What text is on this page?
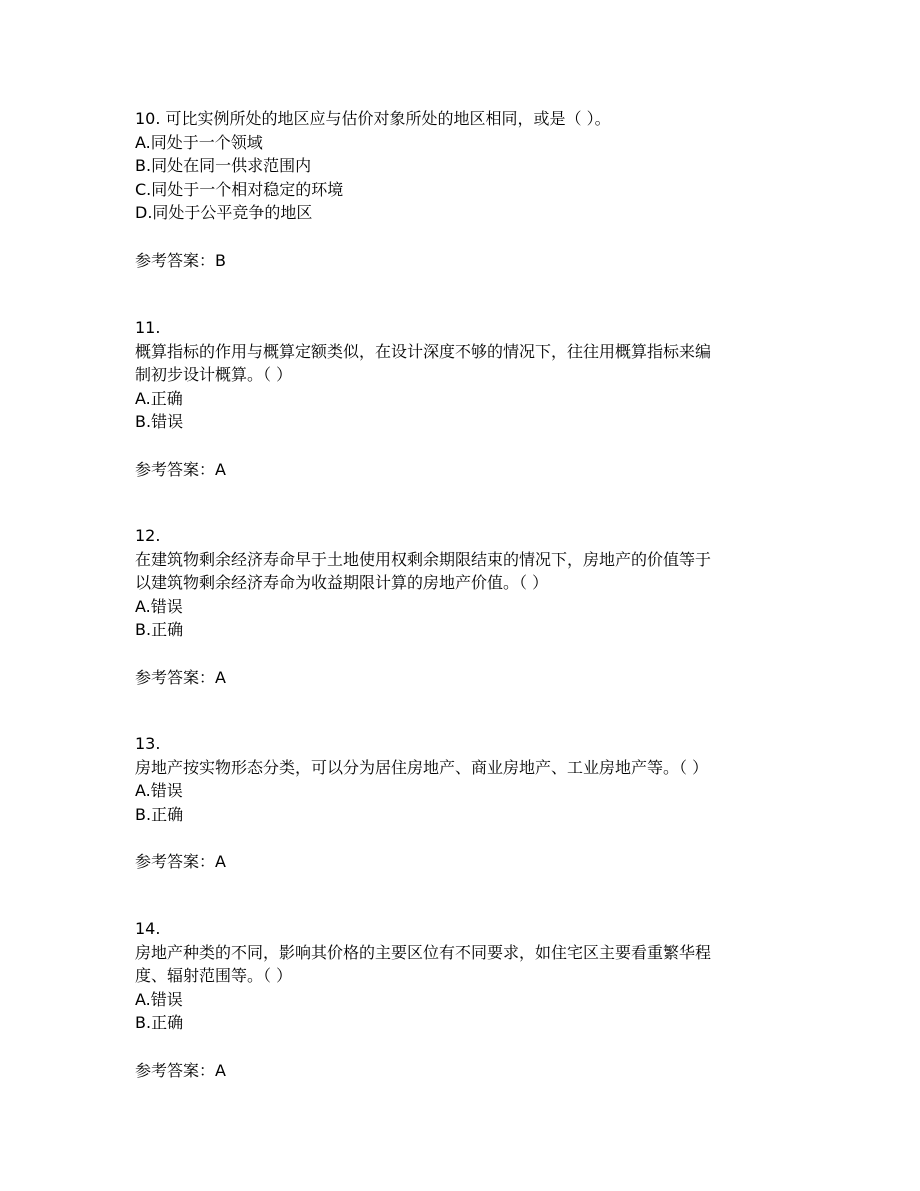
10. 可比实例所处的地区应与估价对象所处的地区相同，或是（ ）。
A.同处于一个领域
B.同处在同一供求范围内
C.同处于一个相对稳定的环境
D.同处于公平竞争的地区
参考答案：B
11.
概算指标的作用与概算定额类似，在设计深度不够的情况下，往往用概算指标来编
制初步设计概算。（ ）
A.正确
B.错误
参考答案：A
12.
在建筑物剩余经济寿命早于土地使用权剩余期限结束的情况下，房地产的价值等于
以建筑物剩余经济寿命为收益期限计算的房地产价值。（ ）
A.错误
B.正确
参考答案：A
13.
房地产按实物形态分类，可以分为居住房地产、商业房地产、工业房地产等。（ ）
A.错误
B.正确
参考答案：A
14.
房地产种类的不同，影响其价格的主要区位有不同要求，如住宅区主要看重繁华程
度、辐射范围等。（ ）
A.错误
B.正确
参考答案：A
